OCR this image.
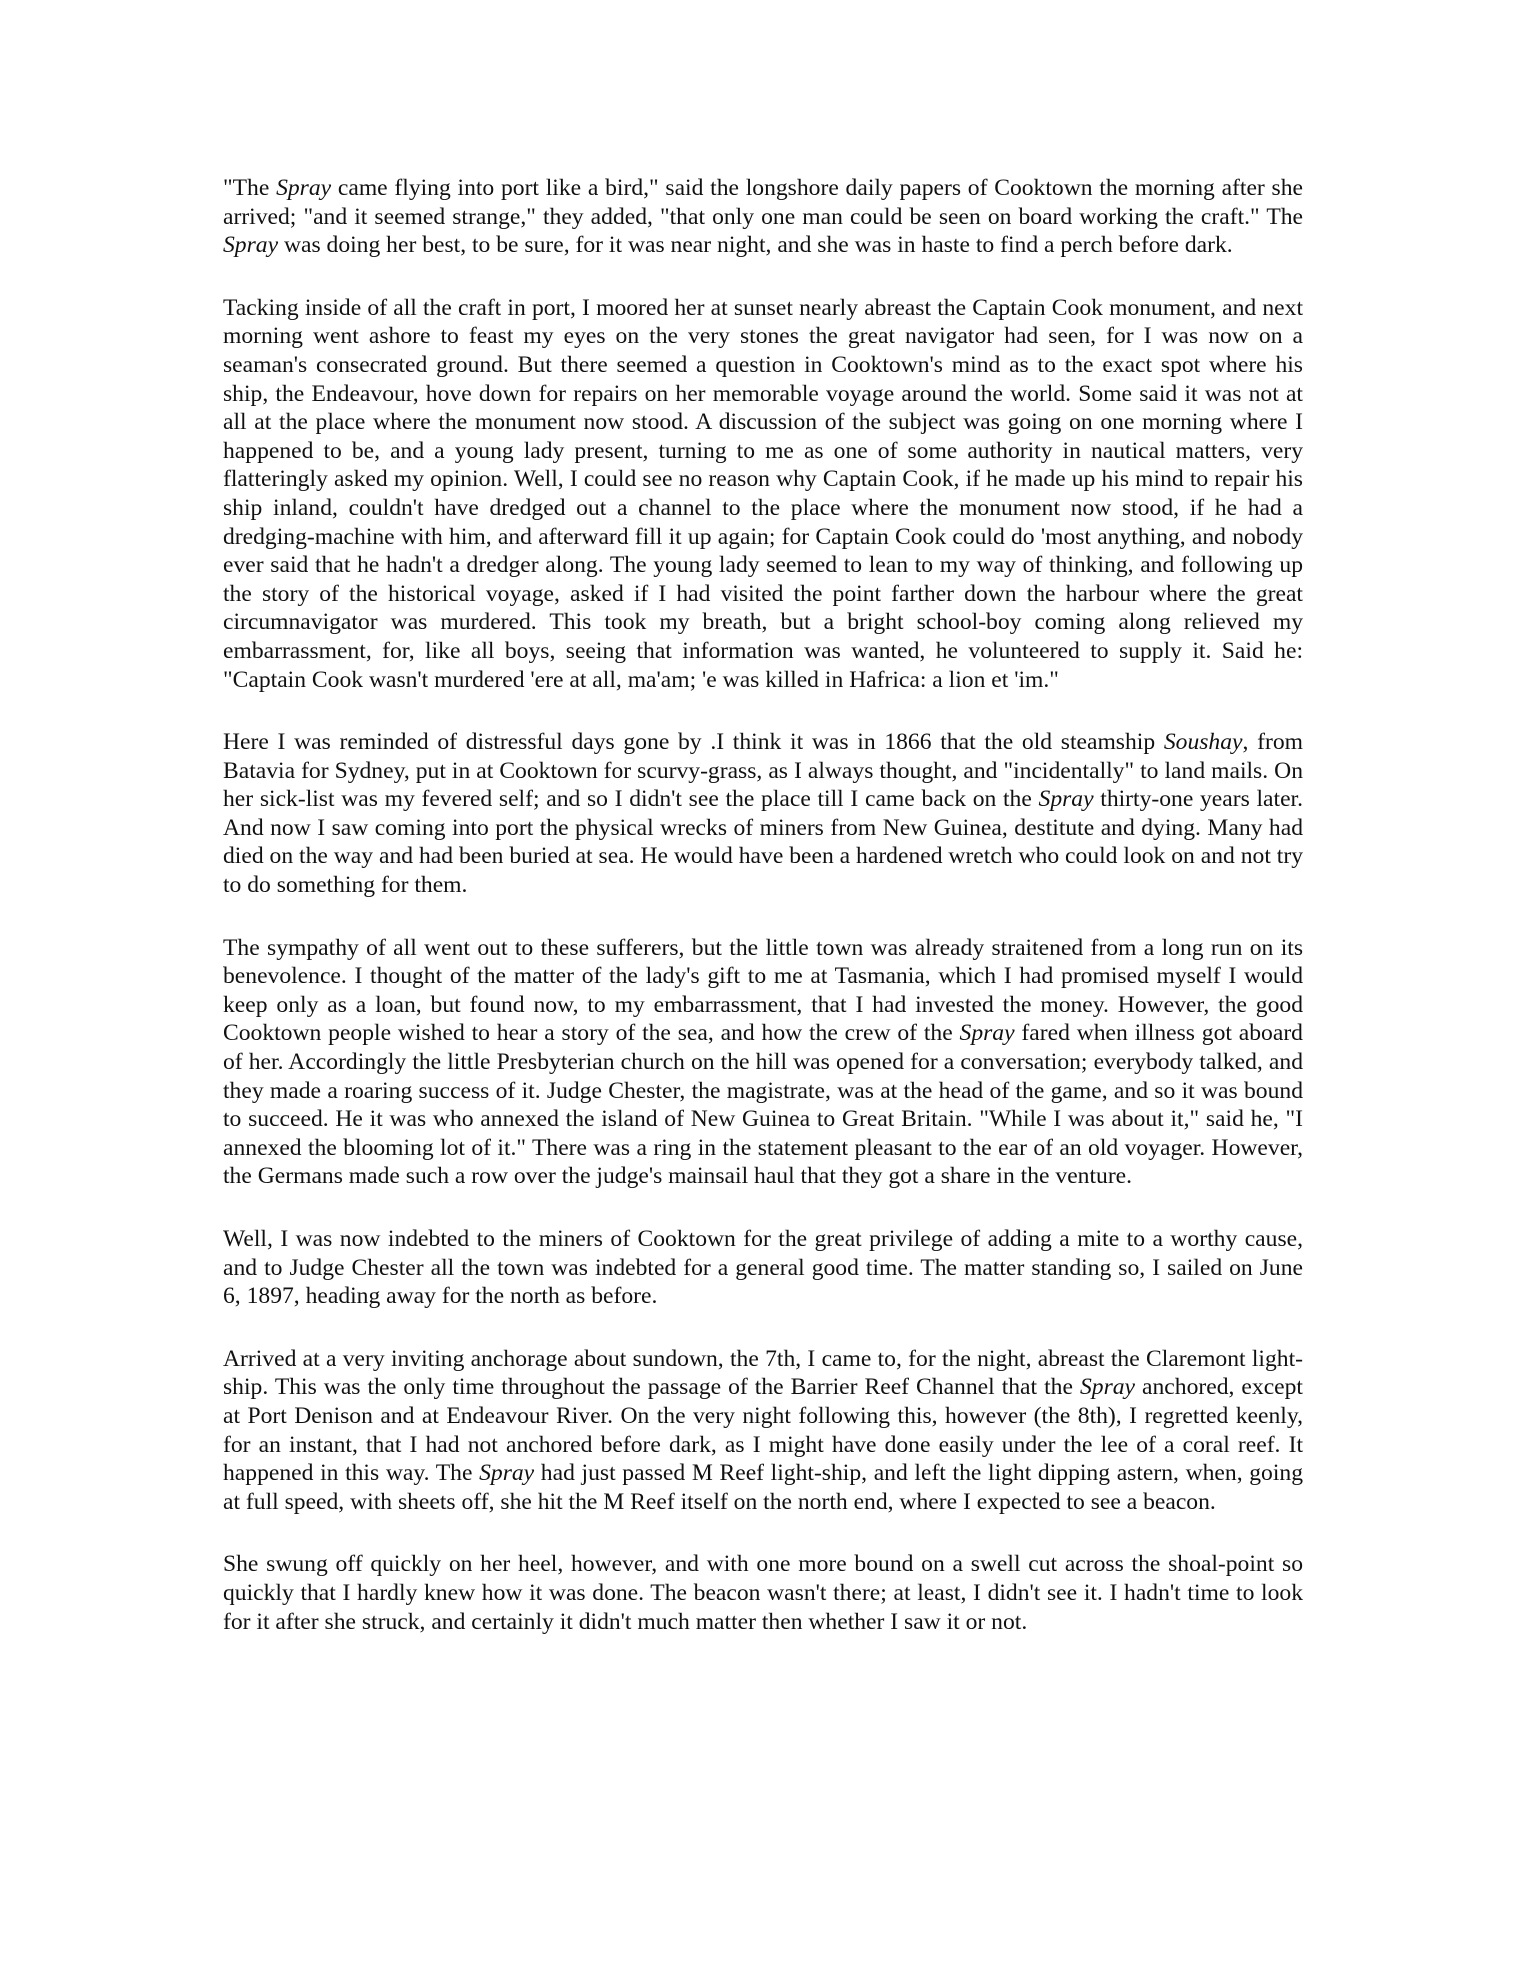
"The Spray came flying into port like a bird," said the longshore daily papers of Cooktown the morning after she arrived; "and it seemed strange," they added, "that only one man could be seen on board working the craft." The Spray was doing her best, to be sure, for it was near night, and she was in haste to find a perch before dark.

Tacking inside of all the craft in port, I moored her at sunset nearly abreast the Captain Cook monument, and next morning went ashore to feast my eyes on the very stones the great navigator had seen, for I was now on a seaman's consecrated ground. But there seemed a question in Cooktown's mind as to the exact spot where his ship, the Endeavour, hove down for repairs on her memorable voyage around the world. Some said it was not at all at the place where the monument now stood. A discussion of the subject was going on one morning where I happened to be, and a young lady present, turning to me as one of some authority in nautical matters, very flatteringly asked my opinion. Well, I could see no reason why Captain Cook, if he made up his mind to repair his ship inland, couldn't have dredged out a channel to the place where the monument now stood, if he had a dredging-machine with him, and afterward fill it up again; for Captain Cook could do 'most anything, and nobody ever said that he hadn't a dredger along. The young lady seemed to lean to my way of thinking, and following up the story of the historical voyage, asked if I had visited the point farther down the harbour where the great circumnavigator was murdered. This took my breath, but a bright school-boy coming along relieved my embarrassment, for, like all boys, seeing that information was wanted, he volunteered to supply it. Said he: "Captain Cook wasn't murdered 'ere at all, ma'am; 'e was killed in Hafrica: a lion et 'im."

Here I was reminded of distressful days gone by .I think it was in 1866 that the old steamship Soushay, from Batavia for Sydney, put in at Cooktown for scurvy-grass, as I always thought, and "incidentally" to land mails. On her sick-list was my fevered self; and so I didn't see the place till I came back on the Spray thirty-one years later. And now I saw coming into port the physical wrecks of miners from New Guinea, destitute and dying. Many had died on the way and had been buried at sea. He would have been a hardened wretch who could look on and not try to do something for them.

The sympathy of all went out to these sufferers, but the little town was already straitened from a long run on its benevolence. I thought of the matter of the lady's gift to me at Tasmania, which I had promised myself I would keep only as a loan, but found now, to my embarrassment, that I had invested the money. However, the good Cooktown people wished to hear a story of the sea, and how the crew of the Spray fared when illness got aboard of her. Accordingly the little Presbyterian church on the hill was opened for a conversation; everybody talked, and they made a roaring success of it. Judge Chester, the magistrate, was at the head of the game, and so it was bound to succeed. He it was who annexed the island of New Guinea to Great Britain. "While I was about it," said he, "I annexed the blooming lot of it." There was a ring in the statement pleasant to the ear of an old voyager. However, the Germans made such a row over the judge's mainsail haul that they got a share in the venture.

Well, I was now indebted to the miners of Cooktown for the great privilege of adding a mite to a worthy cause, and to Judge Chester all the town was indebted for a general good time. The matter standing so, I sailed on June 6, 1897, heading away for the north as before.

Arrived at a very inviting anchorage about sundown, the 7th, I came to, for the night, abreast the Claremont light-ship. This was the only time throughout the passage of the Barrier Reef Channel that the Spray anchored, except at Port Denison and at Endeavour River. On the very night following this, however (the 8th), I regretted keenly, for an instant, that I had not anchored before dark, as I might have done easily under the lee of a coral reef. It happened in this way. The Spray had just passed M Reef light-ship, and left the light dipping astern, when, going at full speed, with sheets off, she hit the M Reef itself on the north end, where I expected to see a beacon.

She swung off quickly on her heel, however, and with one more bound on a swell cut across the shoal-point so quickly that I hardly knew how it was done. The beacon wasn't there; at least, I didn't see it. I hadn't time to look for it after she struck, and certainly it didn't much matter then whether I saw it or not.
